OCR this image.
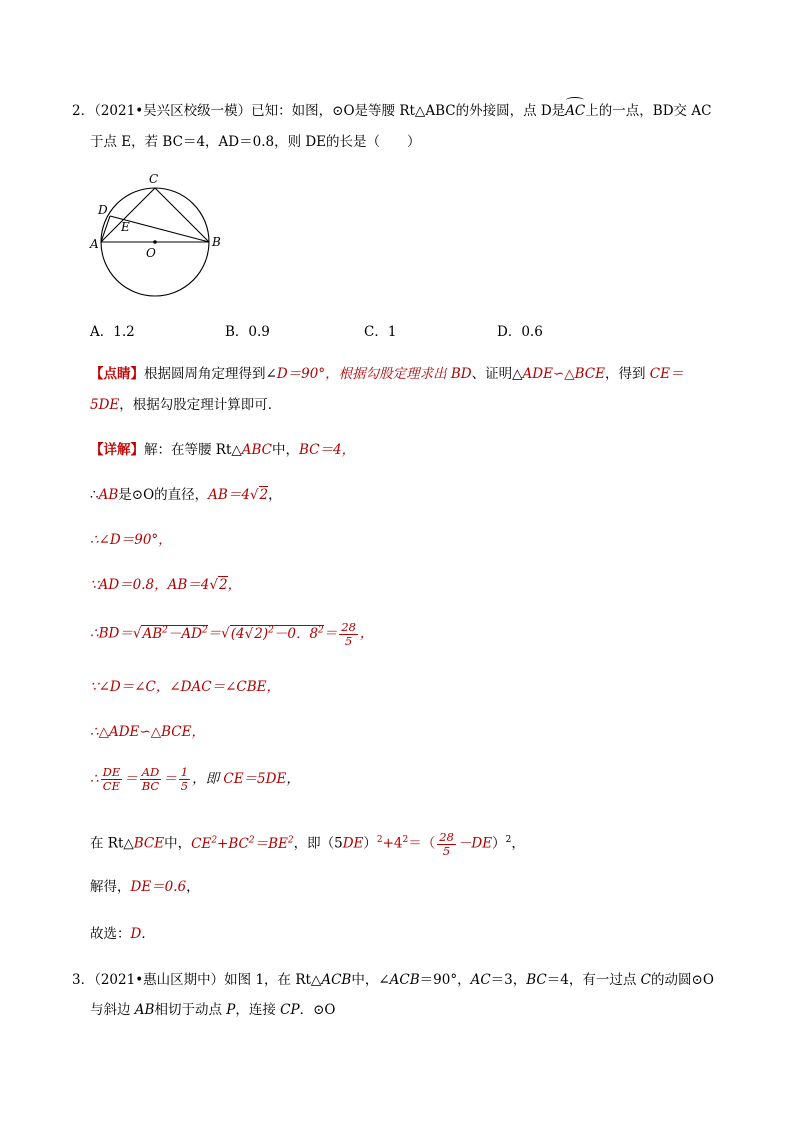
2．（2021•吴兴区校级一模）已知：如图，⊙O是等腰 Rt△ABC的外接圆，点 D是
AC上的一点，BD交 AC
于点 E，若 BC＝4，AD＝0.8，则 DE的长是（　　）
C
D
E
A	B
O
A．1.2	B．0.9	C．1	D．0.6
【点睛】根据圆周角定理得到∠D＝90°，根据勾股定理求出 BD、证明△ADE∽△BCE，得到 CE＝
5DE，根据勾股定理计算即可．
【详解】解：在等腰 Rt△ABC中，BC＝4，
∴AB是⊙O的直径，AB＝4√2，
∴∠D＝90°，
∵AD＝0.8，AB＝4√2，
$\therefore BD=√AB^2-AD^2=√(4√2)^2-0$．$8^2= \frac{28}{5}$ ，
∵∠D＝∠C，∠DAC＝∠CBE，
∴△ADE∽△BCE，
∴ $\frac{DE}{CE} = \frac{AD}{BC} = \frac{1}{5}$ ，即 CE＝5DE，
在 Rt△BCE中，$CE^2+BC^2=BE^2$，即$(5DE)^2+4^2=( \frac{28}{5} -DE)^2$，
解得，DE＝0.6，
故选：D．
3．（2021•惠山区期中）如图 1，在 Rt△ACB中，∠ACB＝90°，AC＝3，BC＝4，有一过点 C的动圆⊙O
与斜边 AB相切于动点 P，连接 CP．⊙O
